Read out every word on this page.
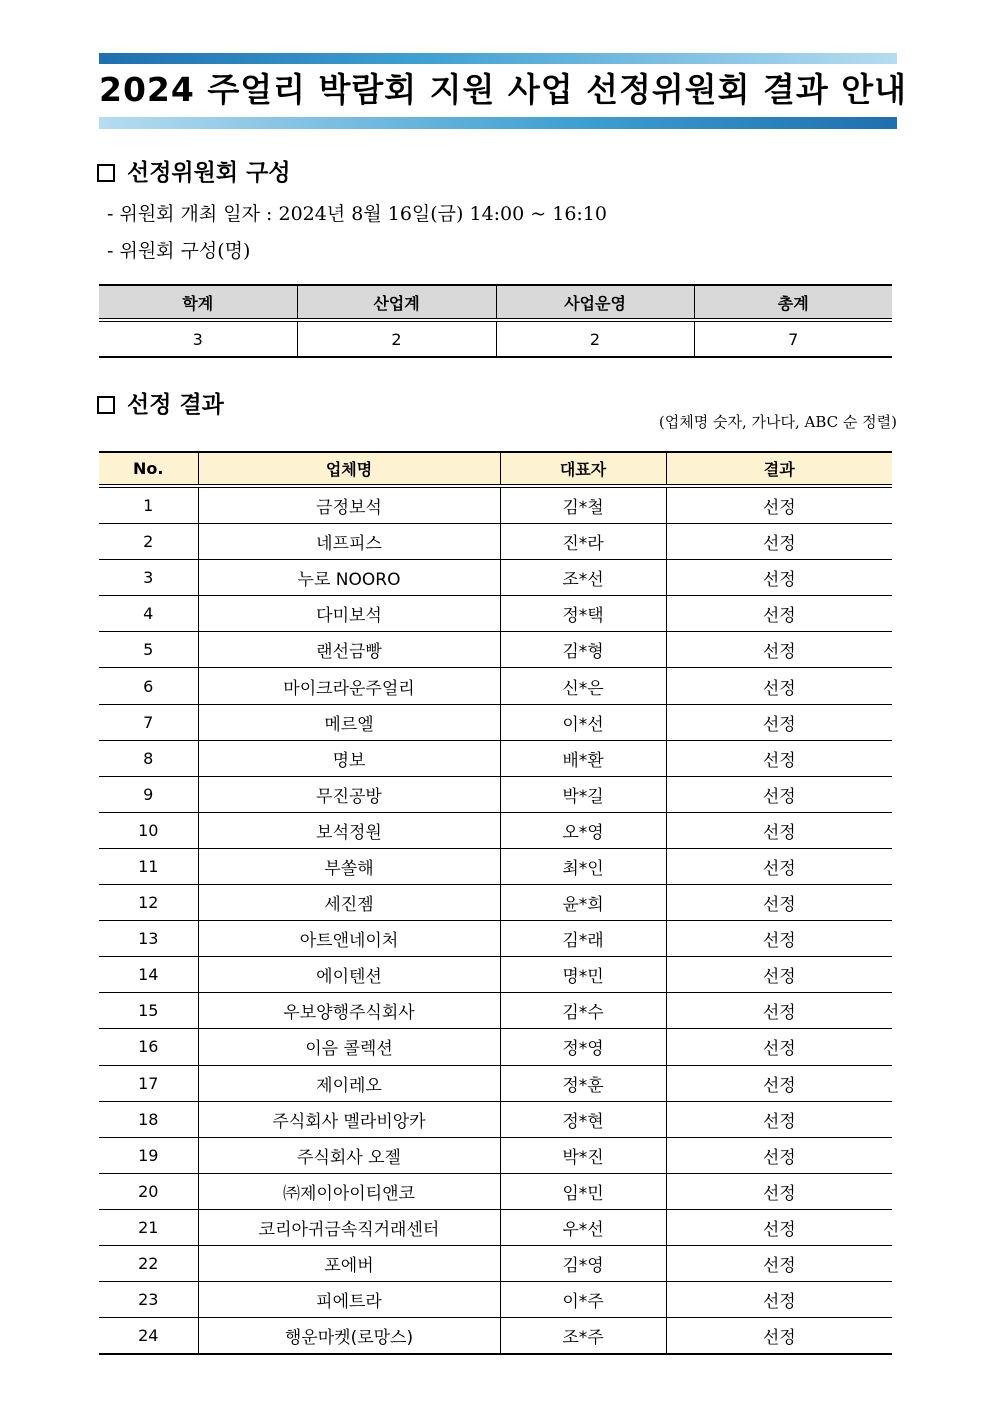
2024 주얼리 박람회 지원 사업 선정위원회 결과 안내
선정위원회 구성
- 위원회 개최 일자 : 2024년 8월 16일(금) 14:00 ~ 16:10
- 위원회 구성(명)
학계	산업계	사업운영	총계
3	2	2	7
선정 결과
(업체명 숫자, 가나다, ABC 순 정렬)
No.	업체명	대표자	결과
1	금정보석	김*철	선정
2	네프피스	진*라	선정
3	누로 NOORO	조*선	선정
4	다미보석	정*택	선정
5	랜선금빵	김*형	선정
6	마이크라운주얼리	신*은	선정
7	메르엘	이*선	선정
8	명보	배*환	선정
9	무진공방	박*길	선정
10	보석정원	오*영	선정
11	부쏠해	최*인	선정
12	세진젬	윤*희	선정
13	아트앤네이처	김*래	선정
14	에이텐션	명*민	선정
15	우보양행주식회사	김*수	선정
16	이음 콜렉션	정*영	선정
17	제이레오	정*훈	선정
18	주식회사 멜라비앙카	정*현	선정
19	주식회사 오젤	박*진	선정
20	㈜제이아이티앤코	임*민	선정
21	코리아귀금속직거래센터	우*선	선정
22	포에버	김*영	선정
23	피에트라	이*주	선정
24	행운마켓(로망스)	조*주	선정
